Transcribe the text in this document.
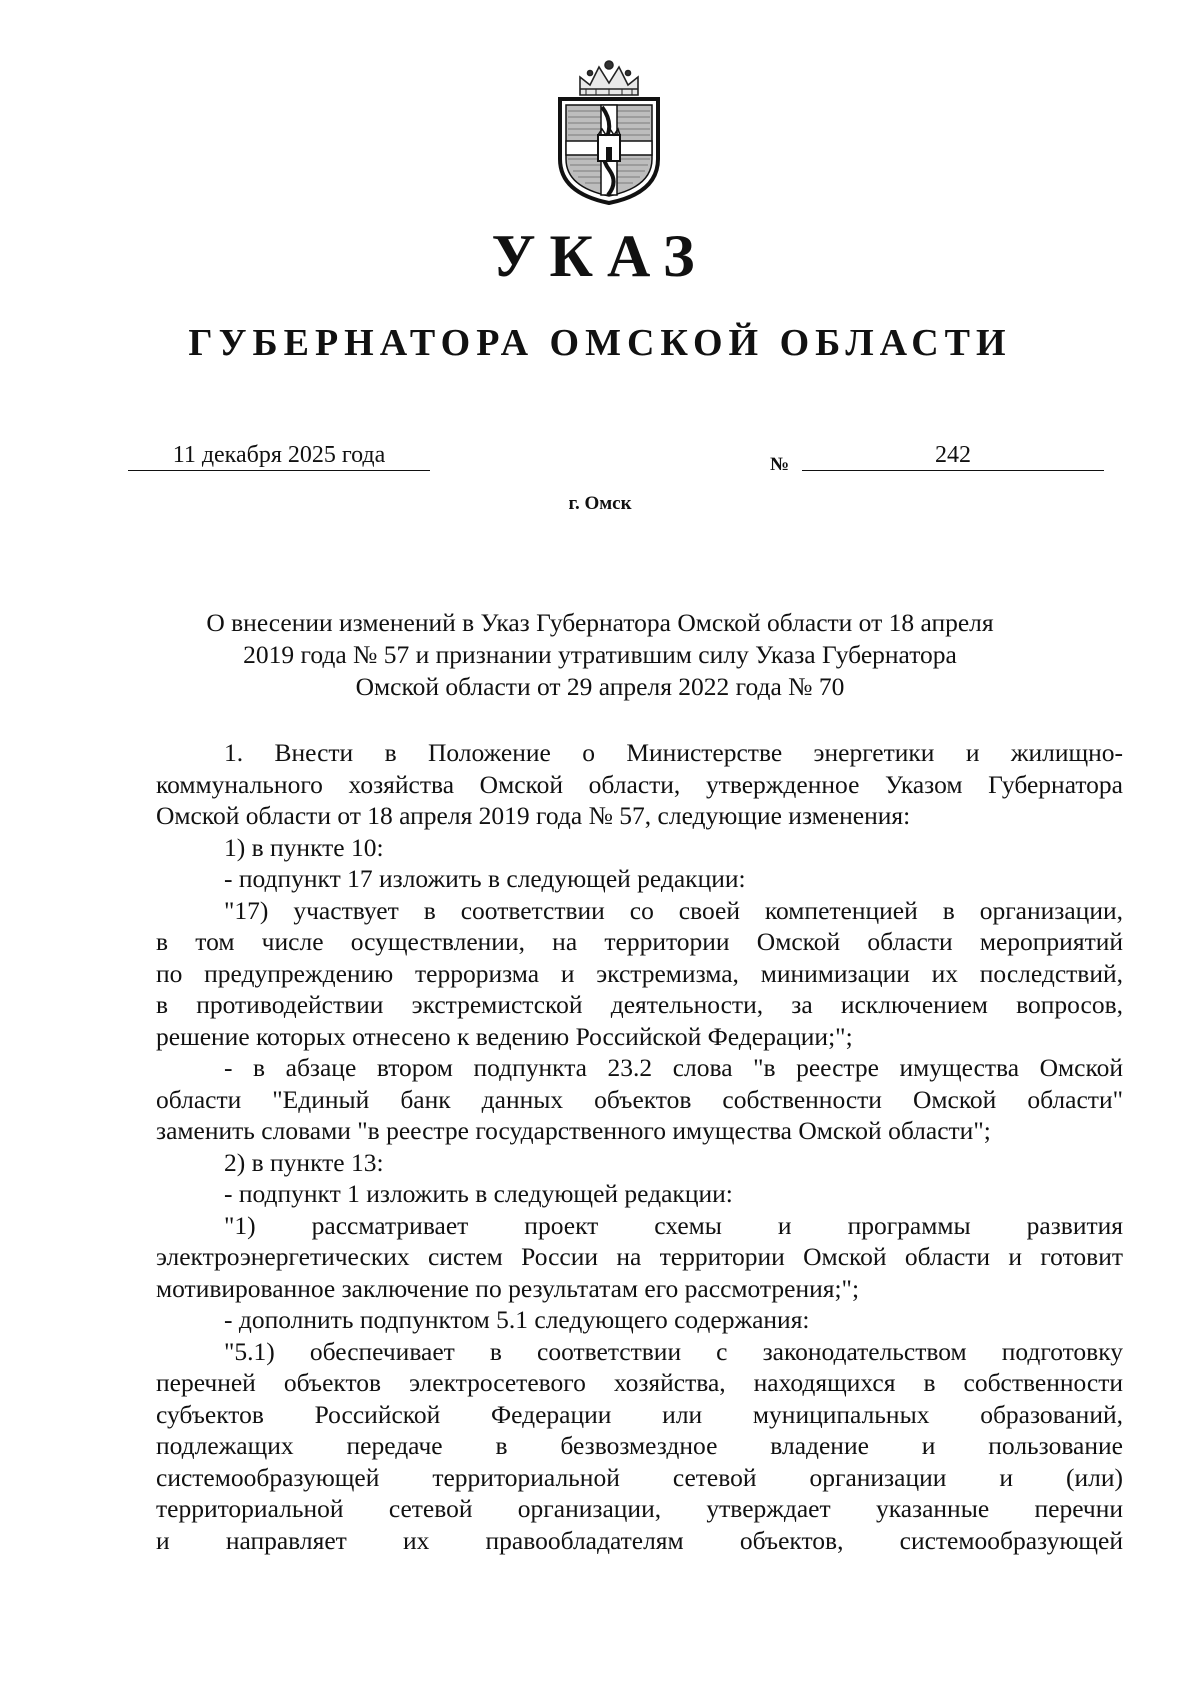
УКАЗ
ГУБЕРНАТОРА ОМСКОЙ ОБЛАСТИ
11 декабря 2025 года	№	242
г. Омск
О внесении изменений в Указ Губернатора Омской области от 18 апреля
2019 года № 57 и признании утратившим силу Указа Губернатора
Омской области от 29 апреля 2022 года № 70
1. Внести в Положение о Министерстве энергетики и жилищно-
коммунального хозяйства Омской области, утвержденное Указом Губернатора
Омской области от 18 апреля 2019 года № 57, следующие изменения:
1) в пункте 10:
- подпункт 17 изложить в следующей редакции:
"17) участвует в соответствии со своей компетенцией в организации,
в том числе осуществлении, на территории Омской области мероприятий
по предупреждению терроризма и экстремизма, минимизации их последствий,
в противодействии экстремистской деятельности, за исключением вопросов,
решение которых отнесено к ведению Российской Федерации;";
- в абзаце втором подпункта 23.2 слова "в реестре имущества Омской
области "Единый банк данных объектов собственности Омской области"
заменить словами "в реестре государственного имущества Омской области";
2) в пункте 13:
- подпункт 1 изложить в следующей редакции:
"1) рассматривает проект схемы и программы развития
электроэнергетических систем России на территории Омской области и готовит
мотивированное заключение по результатам его рассмотрения;";
- дополнить подпунктом 5.1 следующего содержания:
"5.1) обеспечивает в соответствии с законодательством подготовку
перечней объектов электросетевого хозяйства, находящихся в собственности
субъектов Российской Федерации или муниципальных образований,
подлежащих передаче в безвозмездное владение и пользование
системообразующей территориальной сетевой организации и (или)
территориальной сетевой организации, утверждает указанные перечни
и направляет их правообладателям объектов, системообразующей
